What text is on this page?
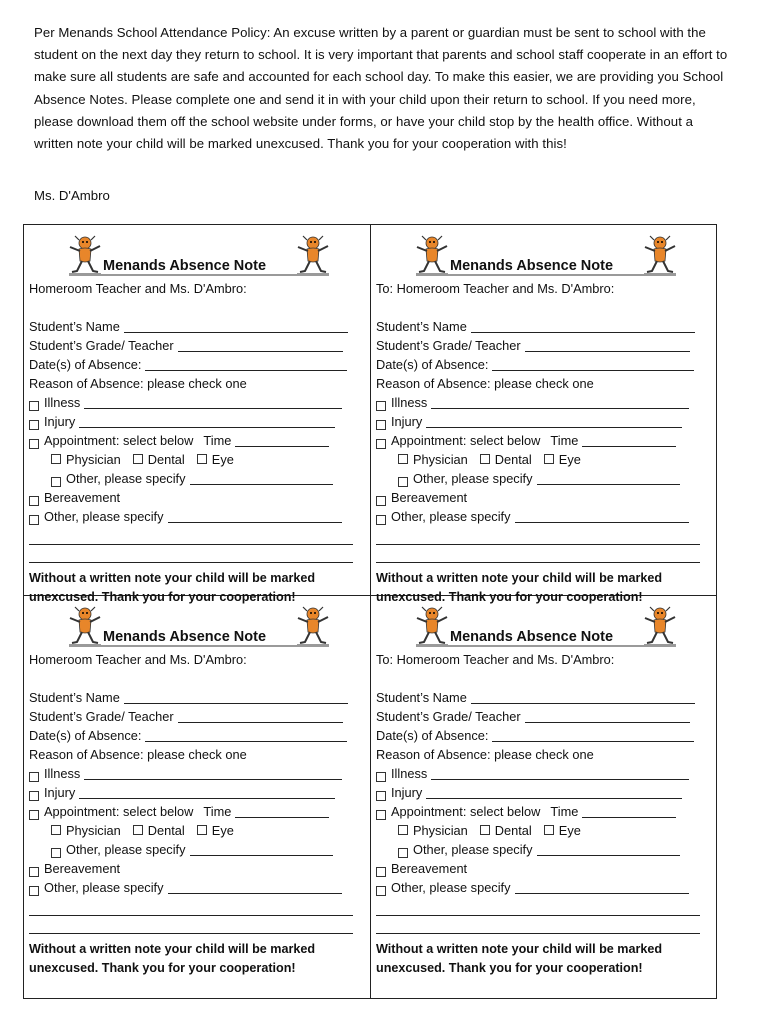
Per Menands School Attendance Policy: An excuse written by a parent or guardian must be sent to school with the student on the next day they return to school. It is very important that parents and school staff cooperate in an effort to make sure all students are safe and accounted for each school day. To make this easier, we are providing you School Absence Notes. Please complete one and send it in with your child upon their return to school. If you need more, please download them off the school website under forms, or have your child stop by the health office. Without a written note your child will be marked unexcused. Thank you for your cooperation with this!

Ms. D'Ambro
Menands Absence Note
Homeroom Teacher and Ms. D'Ambro:
Student’s Name
Student’s Grade/ Teacher
Date(s) of Absence:
Reason of Absence: please check one
Illness
Injury
Appointment: select below Time
Physician Dental Eye
Other, please specify
Bereavement
Other, please specify
Without a written note your child will be marked
unexcused. Thank you for your cooperation!
Menands Absence Note
To: Homeroom Teacher and Ms. D'Ambro:
Student’s Name
Student’s Grade/ Teacher
Date(s) of Absence:
Reason of Absence: please check one
Illness
Injury
Appointment: select below Time
Physician Dental Eye
Other, please specify
Bereavement
Other, please specify
Without a written note your child will be marked
unexcused. Thank you for your cooperation!
Menands Absence Note
Homeroom Teacher and Ms. D'Ambro:
Student’s Name
Student’s Grade/ Teacher
Date(s) of Absence:
Reason of Absence: please check one
Illness
Injury
Appointment: select below Time
Physician Dental Eye
Other, please specify
Bereavement
Other, please specify
Without a written note your child will be marked
unexcused. Thank you for your cooperation!
Menands Absence Note
To: Homeroom Teacher and Ms. D'Ambro:
Student’s Name
Student’s Grade/ Teacher
Date(s) of Absence:
Reason of Absence: please check one
Illness
Injury
Appointment: select below Time
Physician Dental Eye
Other, please specify
Bereavement
Other, please specify
Without a written note your child will be marked
unexcused. Thank you for your cooperation!
